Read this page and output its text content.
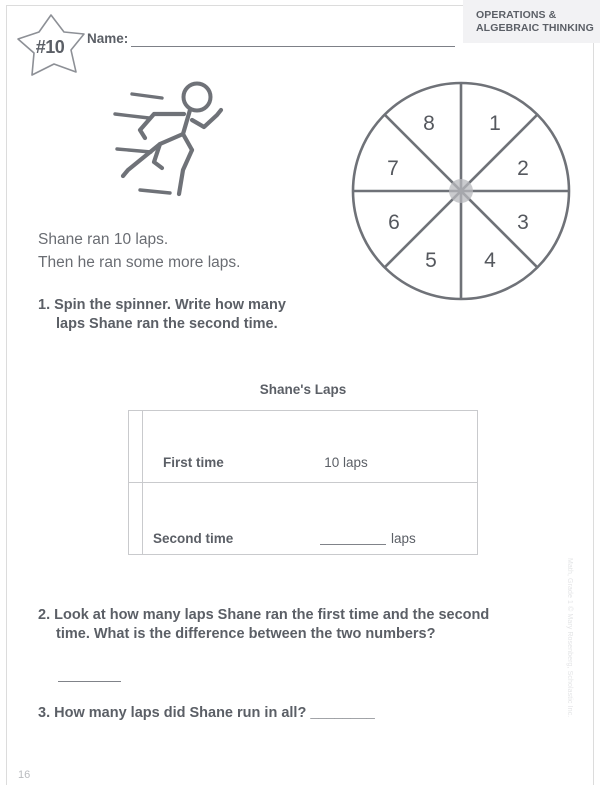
OPERATIONS &
ALGEBRAIC THINKING
#10	Name:
1
2
3
4
5
6
7
8
Shane ran 10 laps.
Then he ran some more laps.
1. Spin the spinner. Write how many
laps Shane ran the second time.
Shane's Laps
First time	10 laps
Second time	laps
2. Look at how many laps Shane ran the first time and the second
time. What is the difference between the two numbers?
3. How many laps did Shane run in all? ________
16
Math, Grade 1 © Mary Rosenberg, Scholastic Inc.
